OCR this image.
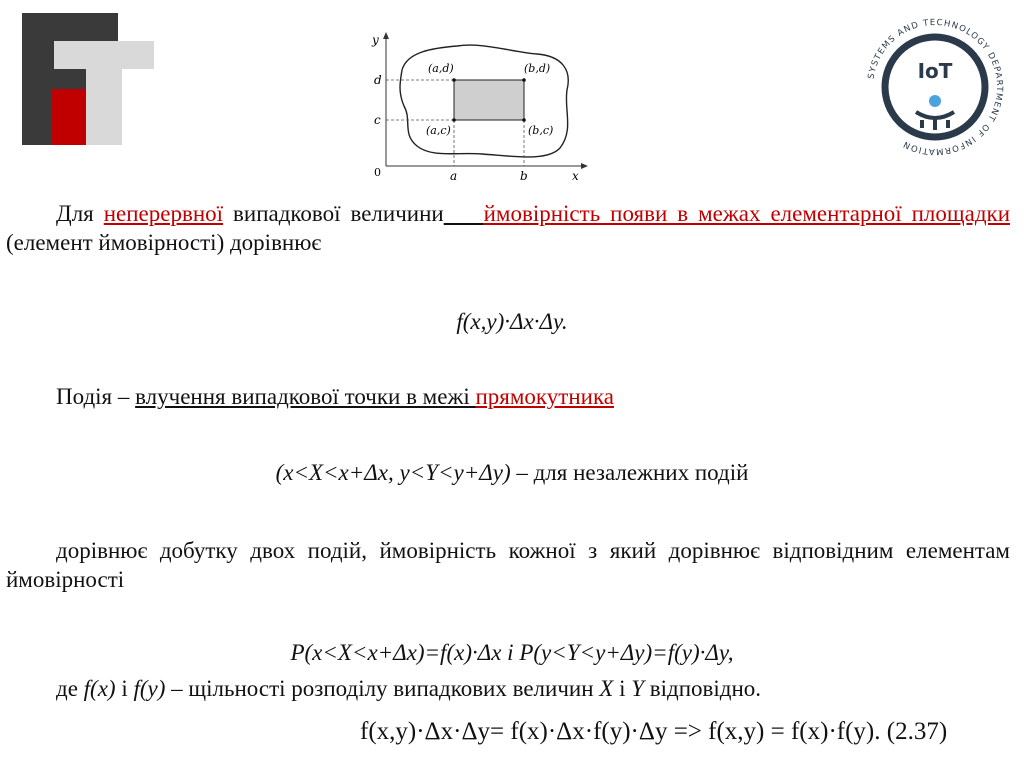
y
x
0
(a,d)	(b,d)
(a,c)	(b,c)
d
c
a	b
SYSTEMS AND TECHNOLOGY DEPARTMENT OF INFORMATION
IoT
Для неперервної випадкової величини ймовірність появи в межах елементарної площадки (елемент ймовірності) дорівнює
f(x,y)·Δx·Δy.
Подія – влучення випадкової точки в межі прямокутника
(x<X<x+Δx, y<Y<y+Δy) – для незалежних подій
дорівнює добутку двох подій, ймовірність кожної з який дорівнює відповідним елементам ймовірності
P(x<X<x+Δx)=f(x)·Δx і P(y<Y<y+Δy)=f(y)·Δy,
де f(x) і f(y) – щільності розподілу випадкових величин X і Y відповідно.
f(x,y)·Δx·Δy= f(x)·Δx·f(y)·Δy => f(x,y) = f(x)·f(y). (2.37)
